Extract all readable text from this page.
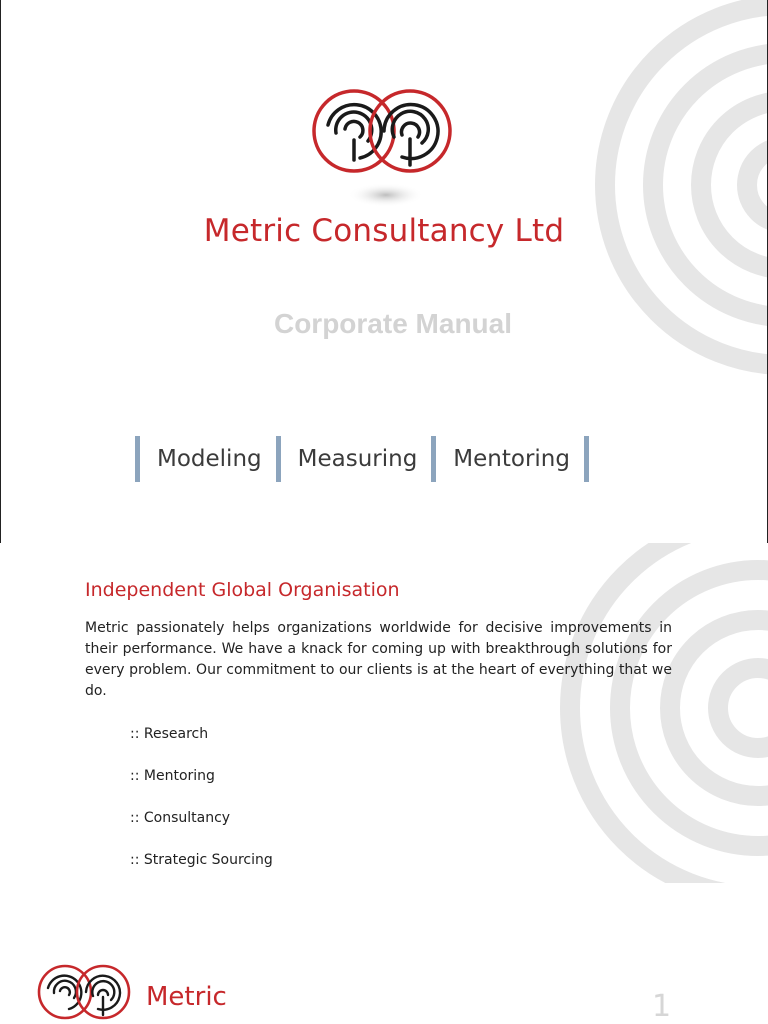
Metric Consultancy Ltd
Corporate Manual
Modeling	Measuring	Mentoring
Independent Global Organisation

Metric passionately helps organizations worldwide for decisive improvements in their performance. We have a knack for coming up with breakthrough solutions for every problem. Our commitment to our clients is at the heart of everything that we do.

:: Research
:: Mentoring
:: Consultancy
:: Strategic Sourcing
Metric	1
